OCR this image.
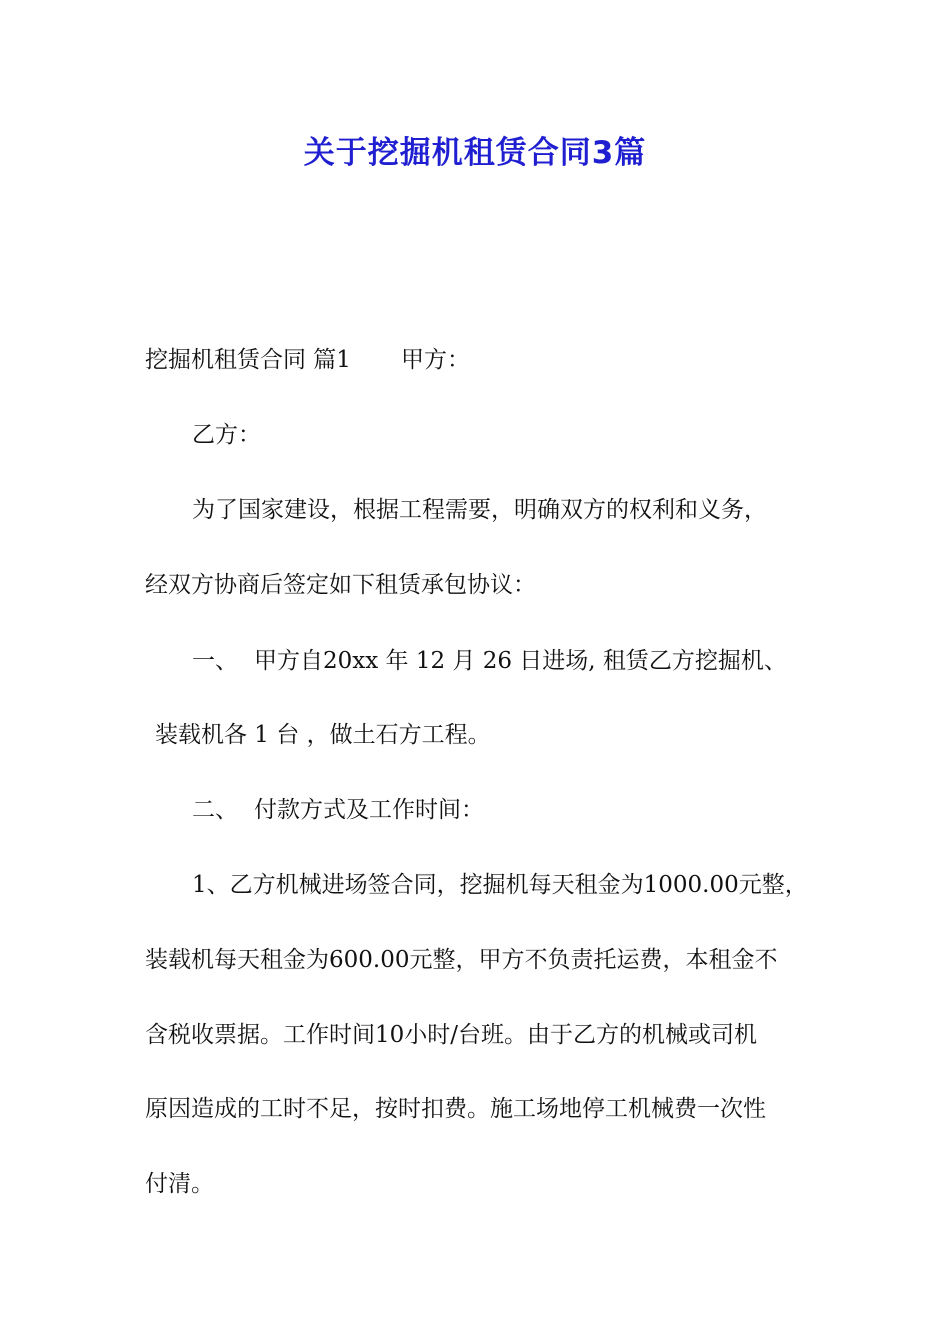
关于挖掘机租赁合同3篇
挖掘机租赁合同 篇1 甲方：
乙方：
为了国家建设，根据工程需要，明确双方的权利和义务，
经双方协商后签定如下租赁承包协议：
一、 甲方自20xx 年 12 月 26 日进场, 租赁乙方挖掘机、
装载机各 1 台 ，做土石方工程。
二、 付款方式及工作时间：
1、乙方机械进场签合同，挖掘机每天租金为1000.00元整，
装载机每天租金为600.00元整，甲方不负责托运费，本租金不
含税收票据。工作时间10小时/台班。由于乙方的机械或司机
原因造成的工时不足，按时扣费。施工场地停工机械费一次性
付清。
